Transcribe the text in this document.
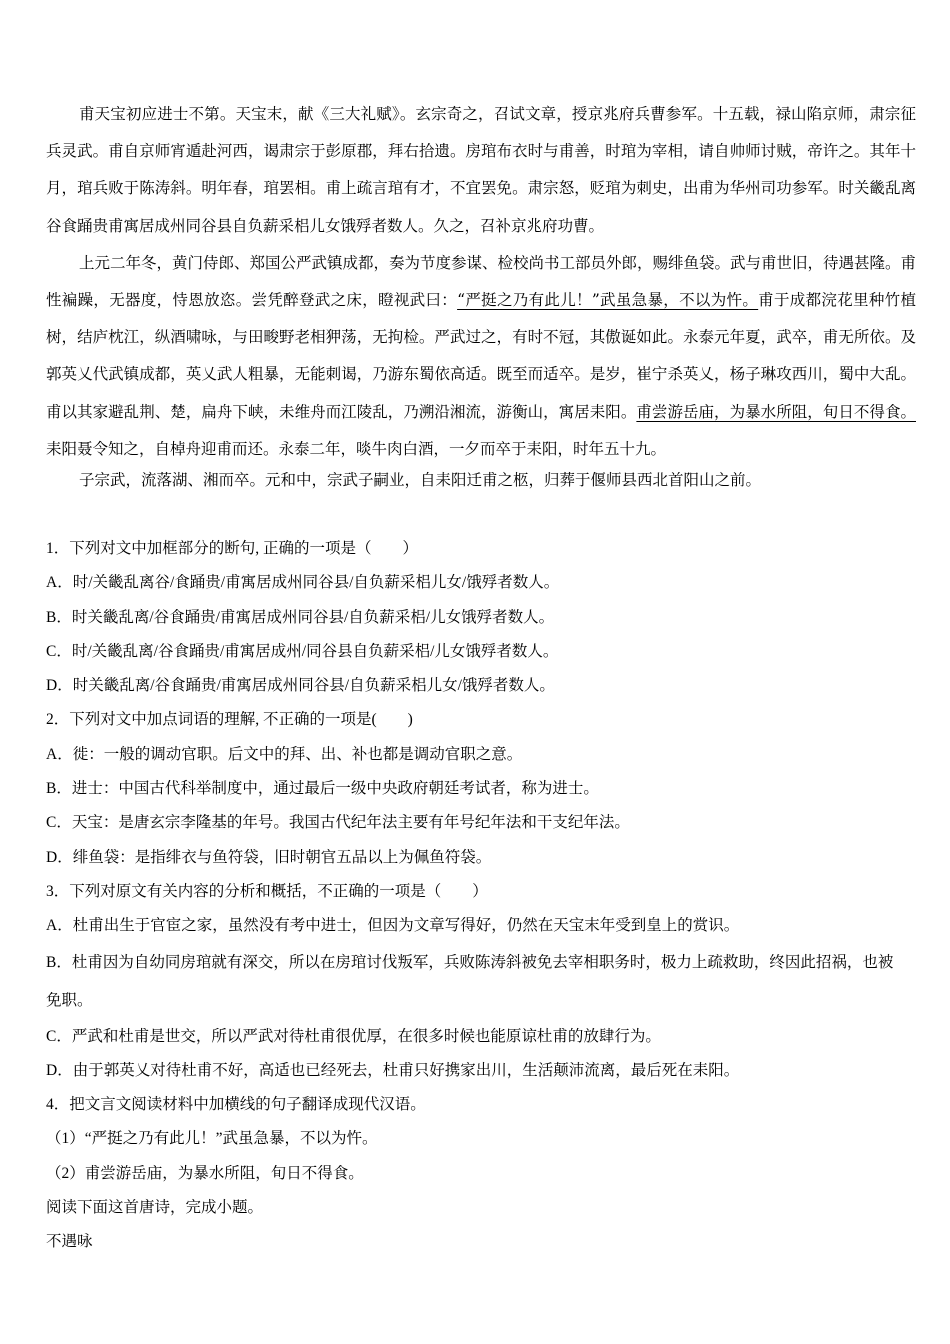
甫天宝初应进士不第。天宝末，献《三大礼赋》。玄宗奇之，召试文章，授京兆府兵曹参军。十五载，禄山陷京师，肃宗征兵灵武。甫自京师宵遁赴河西，谒肃宗于彭原郡，拜右拾遗。房琯布衣时与甫善，时琯为宰相，请自帅师讨贼，帝许之。其年十月，琯兵败于陈涛斜。明年春，琯罢相。甫上疏言琯有才，不宜罢免。肃宗怒，贬琯为刺史，出甫为华州司功参军。时关畿乱离谷食踊贵甫寓居成州同谷县自负薪采梠儿女饿殍者数人。久之，召补京兆府功曹。

上元二年冬，黄门侍郎、郑国公严武镇成都，奏为节度参谋、检校尚书工部员外郎，赐绯鱼袋。武与甫世旧，待遇甚隆。甫性褊躁，无器度，恃恩放恣。尝凭醉登武之床，瞪视武曰：“严挺之乃有此儿！”武虽急暴，不以为忤。甫于成都浣花里种竹植树，结庐枕江，纵酒啸咏，与田畯野老相狎荡，无拘检。严武过之，有时不冠，其傲诞如此。永泰元年夏，武卒，甫无所依。及郭英乂代武镇成都，英乂武人粗暴，无能刺谒，乃游东蜀依高适。既至而适卒。是岁，崔宁杀英乂，杨子琳攻西川，蜀中大乱。甫以其家避乱荆、楚，扁舟下峡，未维舟而江陵乱，乃溯沿湘流，游衡山，寓居耒阳。甫尝游岳庙，为暴水所阻，旬日不得食。耒阳聂令知之，自棹舟迎甫而还。永泰二年，啖牛肉白酒，一夕而卒于耒阳，时年五十九。

子宗武，流落湖、湘而卒。元和中，宗武子嗣业，自耒阳迁甫之柩，归葬于偃师县西北首阳山之前。

1．下列对文中加框部分的断句, 正确的一项是（　　）

A．时/关畿乱离谷/食踊贵/甫寓居成州同谷县/自负薪采梠儿女/饿殍者数人。

B．时关畿乱离/谷食踊贵/甫寓居成州同谷县/自负薪采梠/儿女饿殍者数人。

C．时/关畿乱离/谷食踊贵/甫寓居成州/同谷县自负薪采梠/儿女饿殍者数人。

D．时关畿乱离/谷食踊贵/甫寓居成州同谷县/自负薪采梠儿女/饿殍者数人。

2．下列对文中加点词语的理解, 不正确的一项是(　　)

A．徙：一般的调动官职。后文中的拜、出、补也都是调动官职之意。

B．进士：中国古代科举制度中，通过最后一级中央政府朝廷考试者，称为进士。

C．天宝：是唐玄宗李隆基的年号。我国古代纪年法主要有年号纪年法和干支纪年法。

D．绯鱼袋：是指绯衣与鱼符袋，旧时朝官五品以上为佩鱼符袋。

3．下列对原文有关内容的分析和概括，不正确的一项是（　　）

A．杜甫出生于官宦之家，虽然没有考中进士，但因为文章写得好，仍然在天宝末年受到皇上的赏识。

B．杜甫因为自幼同房琯就有深交，所以在房琯讨伐叛军，兵败陈涛斜被免去宰相职务时，极力上疏救助，终因此招祸，也被免职。

C．严武和杜甫是世交，所以严武对待杜甫很优厚，在很多时候也能原谅杜甫的放肆行为。

D．由于郭英乂对待杜甫不好，高适也已经死去，杜甫只好携家出川，生活颠沛流离，最后死在耒阳。

4．把文言文阅读材料中加横线的句子翻译成现代汉语。

（1）“严挺之乃有此儿！”武虽急暴，不以为忤。

（2）甫尝游岳庙，为暴水所阻，旬日不得食。

阅读下面这首唐诗，完成小题。

不遇咏
